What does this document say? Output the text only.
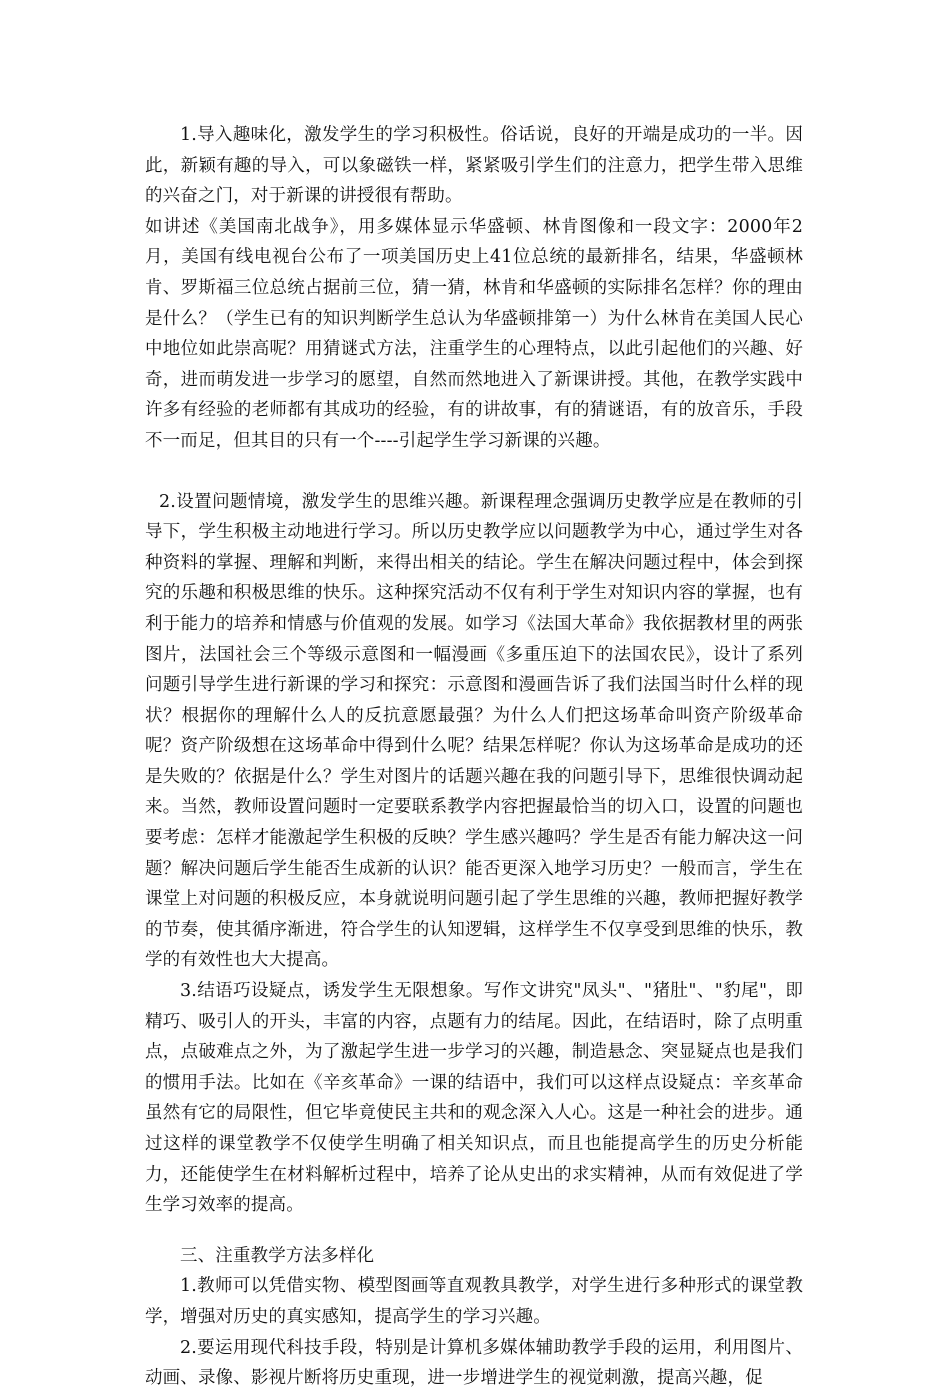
1.导入趣味化，激发学生的学习积极性。俗话说，良好的开端是成功的一半。因此，新颖有趣的导入，可以象磁铁一样，紧紧吸引学生们的注意力，把学生带入思维的兴奋之门，对于新课的讲授很有帮助。

如讲述《美国南北战争》，用多媒体显示华盛顿、林肯图像和一段文字：2000年2月，美国有线电视台公布了一项美国历史上41位总统的最新排名，结果，华盛顿林肯、罗斯福三位总统占据前三位，猜一猜，林肯和华盛顿的实际排名怎样？你的理由是什么？（学生已有的知识判断学生总认为华盛顿排第一）为什么林肯在美国人民心中地位如此崇高呢？用猜谜式方法，注重学生的心理特点，以此引起他们的兴趣、好奇，进而萌发进一步学习的愿望，自然而然地进入了新课讲授。其他，在教学实践中许多有经验的老师都有其成功的经验，有的讲故事，有的猜谜语，有的放音乐，手段不一而足，但其目的只有一个----引起学生学习新课的兴趣。

2.设置问题情境，激发学生的思维兴趣。新课程理念强调历史教学应是在教师的引导下，学生积极主动地进行学习。所以历史教学应以问题教学为中心，通过学生对各种资料的掌握、理解和判断，来得出相关的结论。学生在解决问题过程中，体会到探究的乐趣和积极思维的快乐。这种探究活动不仅有利于学生对知识内容的掌握，也有利于能力的培养和情感与价值观的发展。如学习《法国大革命》我依据教材里的两张图片，法国社会三个等级示意图和一幅漫画《多重压迫下的法国农民》，设计了系列问题引导学生进行新课的学习和探究：示意图和漫画告诉了我们法国当时什么样的现状？根据你的理解什么人的反抗意愿最强？为什么人们把这场革命叫资产阶级革命呢？资产阶级想在这场革命中得到什么呢？结果怎样呢？你认为这场革命是成功的还是失败的？依据是什么？学生对图片的话题兴趣在我的问题引导下，思维很快调动起来。当然，教师设置问题时一定要联系教学内容把握最恰当的切入口，设置的问题也要考虑：怎样才能激起学生积极的反映？学生感兴趣吗？学生是否有能力解决这一问题？解决问题后学生能否生成新的认识？能否更深入地学习历史？一般而言，学生在课堂上对问题的积极反应，本身就说明问题引起了学生思维的兴趣，教师把握好教学的节奏，使其循序渐进，符合学生的认知逻辑，这样学生不仅享受到思维的快乐，教学的有效性也大大提高。

3.结语巧设疑点，诱发学生无限想象。写作文讲究"凤头"、"猪肚"、"豹尾"，即精巧、吸引人的开头，丰富的内容，点题有力的结尾。因此，在结语时，除了点明重点，点破难点之外，为了激起学生进一步学习的兴趣，制造悬念、突显疑点也是我们的惯用手法。比如在《辛亥革命》一课的结语中，我们可以这样点设疑点：辛亥革命虽然有它的局限性，但它毕竟使民主共和的观念深入人心。这是一种社会的进步。通过这样的课堂教学不仅使学生明确了相关知识点，而且也能提高学生的历史分析能力，还能使学生在材料解析过程中，培养了论从史出的求实精神，从而有效促进了学生学习效率的提高。

三、注重教学方法多样化

1.教师可以凭借实物、模型图画等直观教具教学，对学生进行多种形式的课堂教学，增强对历史的真实感知，提高学生的学习兴趣。

2.要运用现代科技手段，特别是计算机多媒体辅助教学手段的运用，利用图片、动画、录像、影视片断将历史重现，进一步增进学生的视觉刺激，提高兴趣，促
